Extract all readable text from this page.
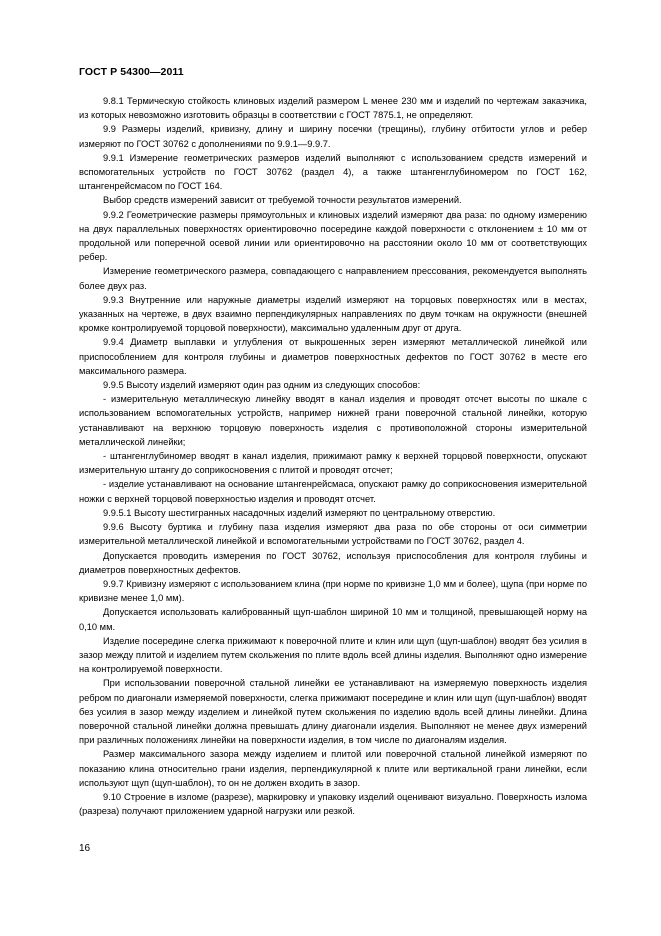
ГОСТ Р 54300—2011

9.8.1 Термическую стойкость клиновых изделий размером L менее 230 мм и изделий по чертежам заказчика, из которых невозможно изготовить образцы в соответствии с ГОСТ 7875.1, не определяют.

9.9 Размеры изделий, кривизну, длину и ширину посечки (трещины), глубину отбитости углов и ребер измеряют по ГОСТ 30762 с дополнениями по 9.9.1—9.9.7.

9.9.1 Измерение геометрических размеров изделий выполняют с использованием средств измерений и вспомогательных устройств по ГОСТ 30762 (раздел 4), а также штангенглубиномером по ГОСТ 162, штангенрейсмасом по ГОСТ 164.

Выбор средств измерений зависит от требуемой точности результатов измерений.

9.9.2 Геометрические размеры прямоугольных и клиновых изделий измеряют два раза: по одному измерению на двух параллельных поверхностях ориентировочно посередине каждой поверхности с отклонением ± 10 мм от продольной или поперечной осевой линии или ориентировочно на расстоянии около 10 мм от соответствующих ребер.

Измерение геометрического размера, совпадающего с направлением прессования, рекомендуется выполнять более двух раз.

9.9.3 Внутренние или наружные диаметры изделий измеряют на торцовых поверхностях или в местах, указанных на чертеже, в двух взаимно перпендикулярных направлениях по двум точкам на окружности (внешней кромке контролируемой торцовой поверхности), максимально удаленным друг от друга.

9.9.4 Диаметр выплавки и углубления от выкрошенных зерен измеряют металлической линейкой или приспособлением для контроля глубины и диаметров поверхностных дефектов по ГОСТ 30762 в месте его максимального размера.

9.9.5 Высоту изделий измеряют один раз одним из следующих способов:

- измерительную металлическую линейку вводят в канал изделия и проводят отсчет высоты по шкале с использованием вспомогательных устройств, например нижней грани поверочной стальной линейки, которую устанавливают на верхнюю торцовую поверхность изделия с противоположной стороны измерительной металлической линейки;

- штангенглубиномер вводят в канал изделия, прижимают рамку к верхней торцовой поверхности, опускают измерительную штангу до соприкосновения с плитой и проводят отсчет;

- изделие устанавливают на основание штангенрейсмаса, опускают рамку до соприкосновения измерительной ножки с верхней торцовой поверхностью изделия и проводят отсчет.

9.9.5.1 Высоту шестигранных насадочных изделий измеряют по центральному отверстию.

9.9.6 Высоту буртика и глубину паза изделия измеряют два раза по обе стороны от оси симметрии измерительной металлической линейкой и вспомогательными устройствами по ГОСТ 30762, раздел 4.

Допускается проводить измерения по ГОСТ 30762, используя приспособления для контроля глубины и диаметров поверхностных дефектов.

9.9.7 Кривизну измеряют с использованием клина (при норме по кривизне 1,0 мм и более), щупа (при норме по кривизне менее 1,0 мм).

Допускается использовать калиброванный щуп-шаблон шириной 10 мм и толщиной, превышающей норму на 0,10 мм.

Изделие посередине слегка прижимают к поверочной плите и клин или щуп (щуп-шаблон) вводят без усилия в зазор между плитой и изделием путем скольжения по плите вдоль всей длины изделия. Выполняют одно измерение на контролируемой поверхности.

При использовании поверочной стальной линейки ее устанавливают на измеряемую поверхность изделия ребром по диагонали измеряемой поверхности, слегка прижимают посередине и клин или щуп (щуп-шаблон) вводят без усилия в зазор между изделием и линейкой путем скольжения по изделию вдоль всей длины линейки. Длина поверочной стальной линейки должна превышать длину диагонали изделия. Выполняют не менее двух измерений при различных положениях линейки на поверхности изделия, в том числе по диагоналям изделия.

Размер максимального зазора между изделием и плитой или поверочной стальной линейкой измеряют по показанию клина относительно грани изделия, перпендикулярной к плите или вертикальной грани линейки, если используют щуп (щуп-шаблон), то он не должен входить в зазор.

9.10 Строение в изломе (разрезе), маркировку и упаковку изделий оценивают визуально. Поверхность излома (разреза) получают приложением ударной нагрузки или резкой.

16
